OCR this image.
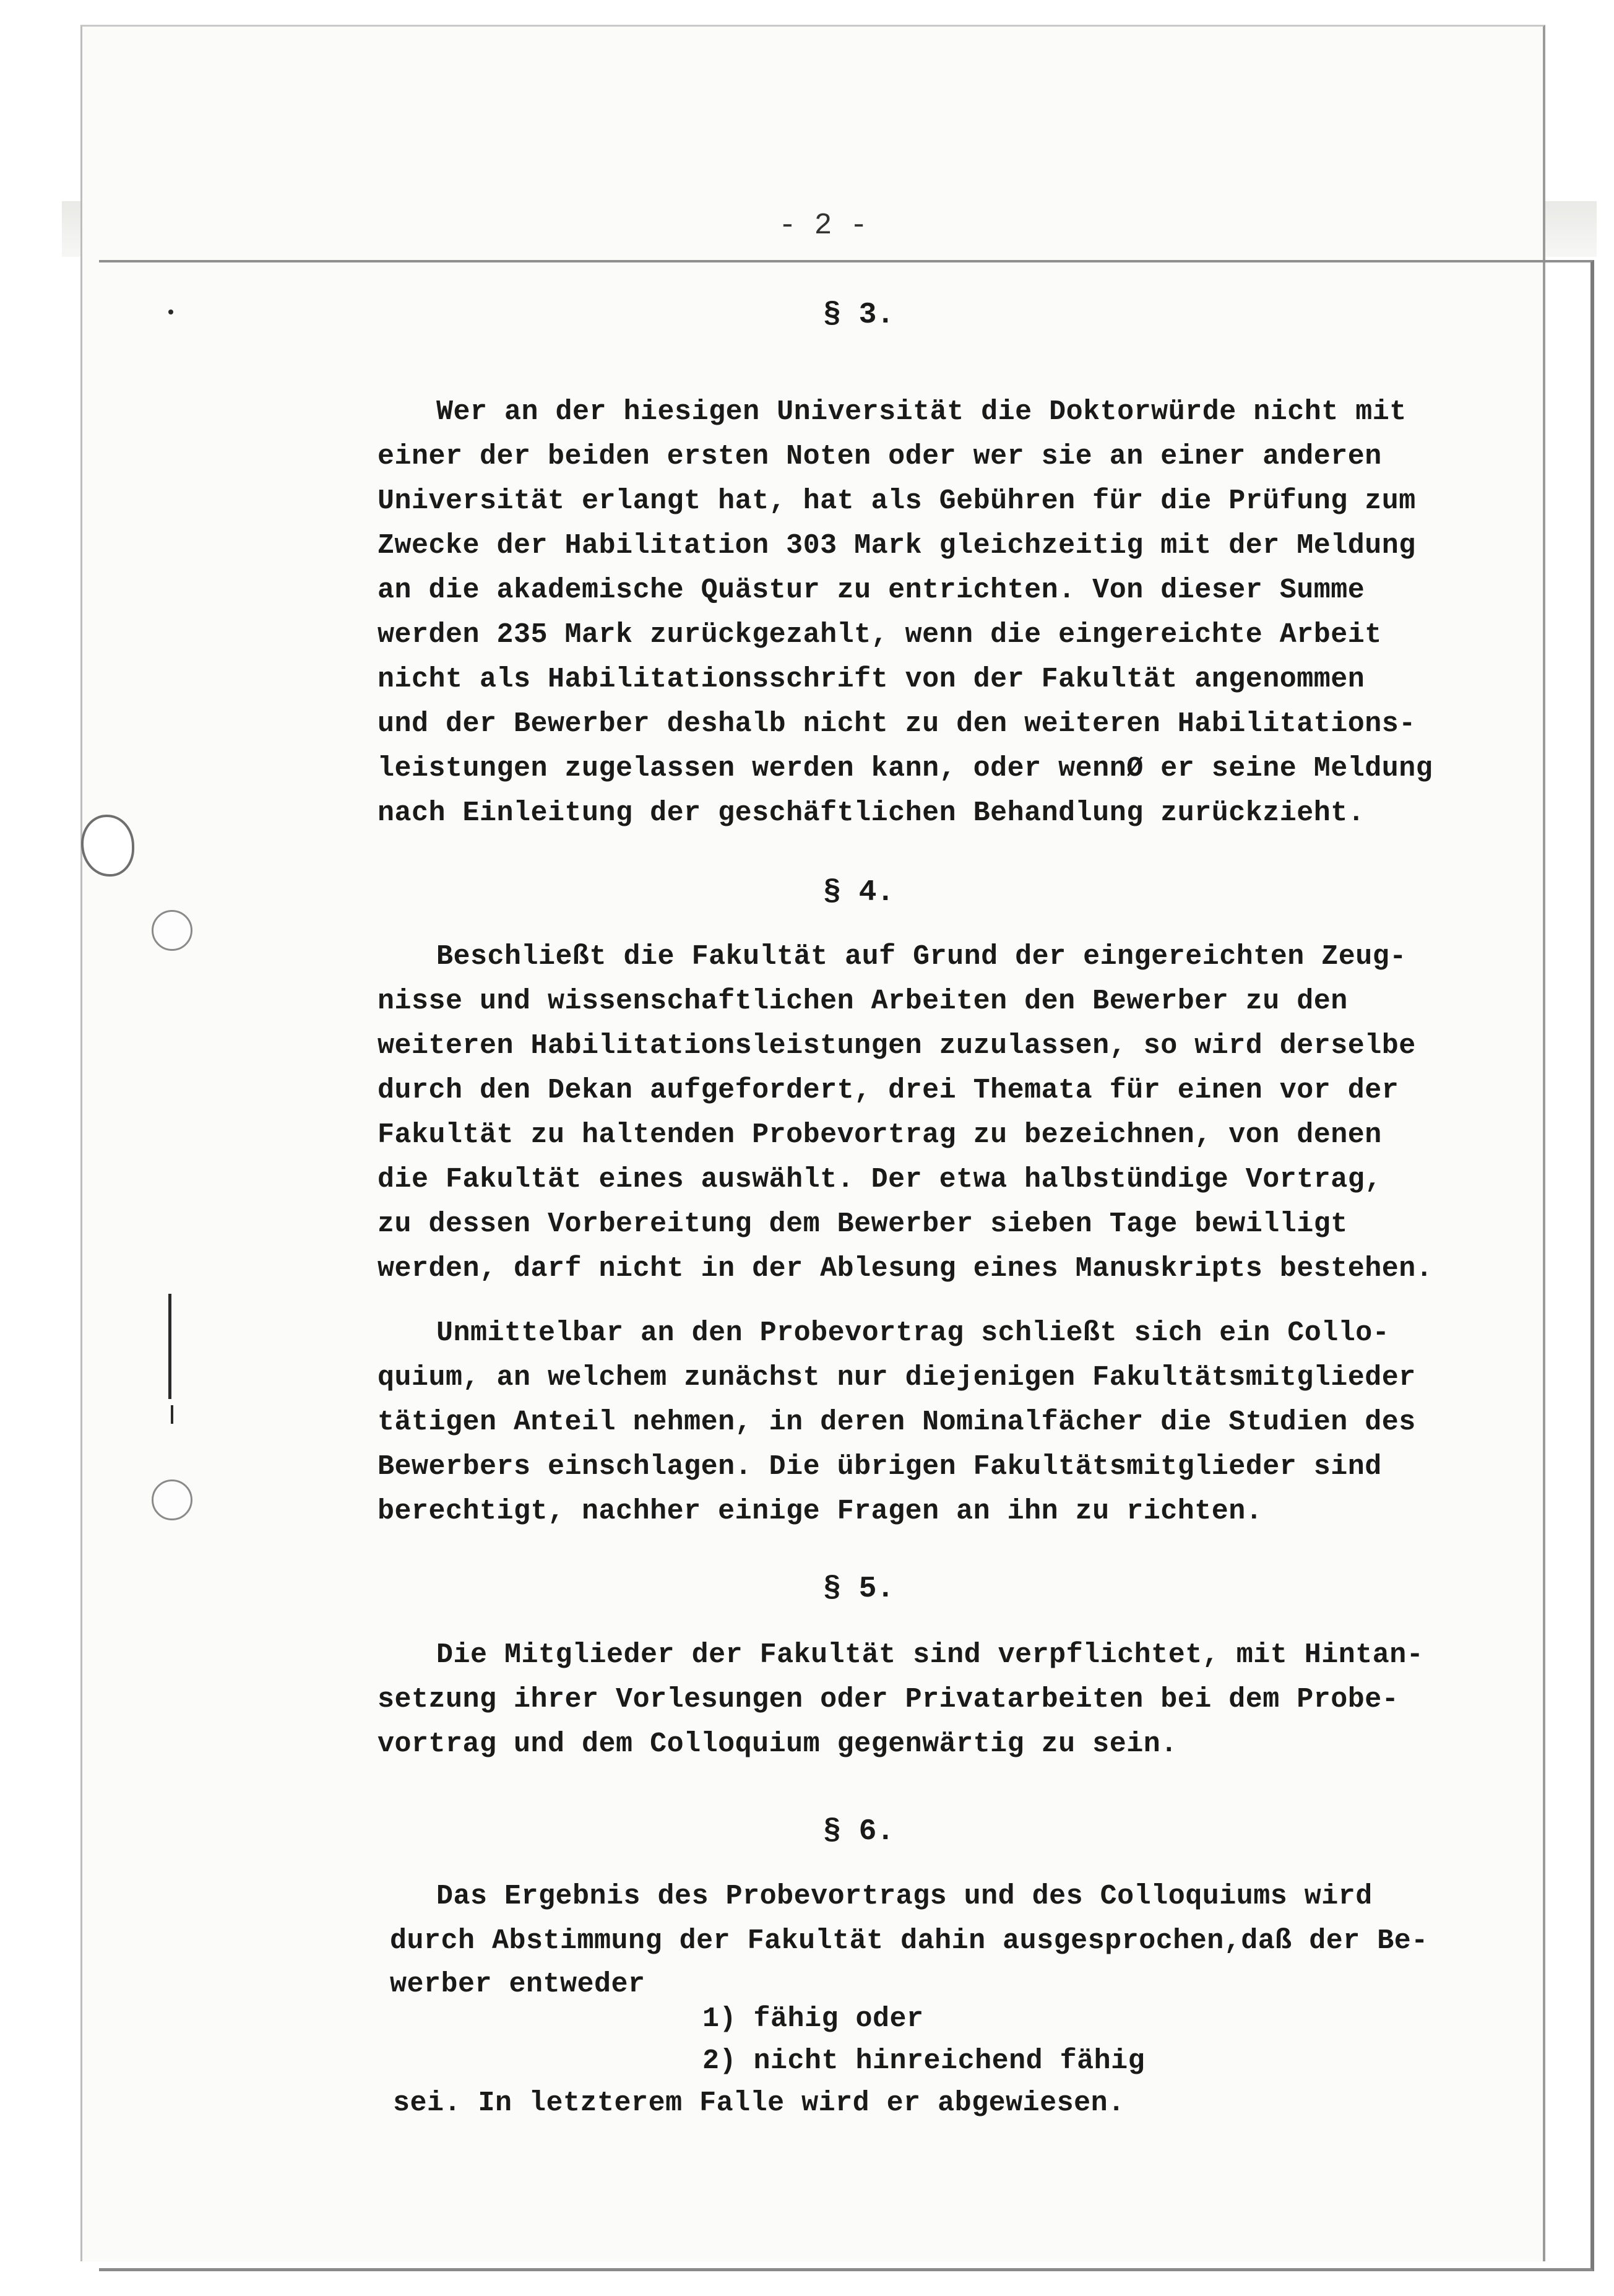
- 2 -
§ 3.
Wer an der hiesigen Universität die Doktorwürde nicht mit
einer der beiden ersten Noten oder wer sie an einer anderen
Universität erlangt hat, hat als Gebühren für die Prüfung zum
Zwecke der Habilitation 303 Mark gleichzeitig mit der Meldung
an die akademische Quästur zu entrichten. Von dieser Summe
werden 235 Mark zurückgezahlt, wenn die eingereichte Arbeit
nicht als Habilitationsschrift von der Fakultät angenommen
und der Bewerber deshalb nicht zu den weiteren Habilitations-
leistungen zugelassen werden kann, oder wennØ er seine Meldung
nach Einleitung der geschäftlichen Behandlung zurückzieht.
§ 4.
Beschließt die Fakultät auf Grund der eingereichten Zeug-
nisse und wissenschaftlichen Arbeiten den Bewerber zu den
weiteren Habilitationsleistungen zuzulassen, so wird derselbe
durch den Dekan aufgefordert, drei Themata für einen vor der
Fakultät zu haltenden Probevortrag zu bezeichnen, von denen
die Fakultät eines auswählt. Der etwa halbstündige Vortrag,
zu dessen Vorbereitung dem Bewerber sieben Tage bewilligt
werden, darf nicht in der Ablesung eines Manuskripts bestehen.
Unmittelbar an den Probevortrag schließt sich ein Collo-
quium, an welchem zunächst nur diejenigen Fakultätsmitglieder
tätigen Anteil nehmen, in deren Nominalfächer die Studien des
Bewerbers einschlagen. Die übrigen Fakultätsmitglieder sind
berechtigt, nachher einige Fragen an ihn zu richten.
§ 5.
Die Mitglieder der Fakultät sind verpflichtet, mit Hintan-
setzung ihrer Vorlesungen oder Privatarbeiten bei dem Probe-
vortrag und dem Colloquium gegenwärtig zu sein.
§ 6.
Das Ergebnis des Probevortrags und des Colloquiums wird
durch Abstimmung der Fakultät dahin ausgesprochen,daß der Be-
werber entweder
1) fähig oder
2) nicht hinreichend fähig
sei. In letzterem Falle wird er abgewiesen.
